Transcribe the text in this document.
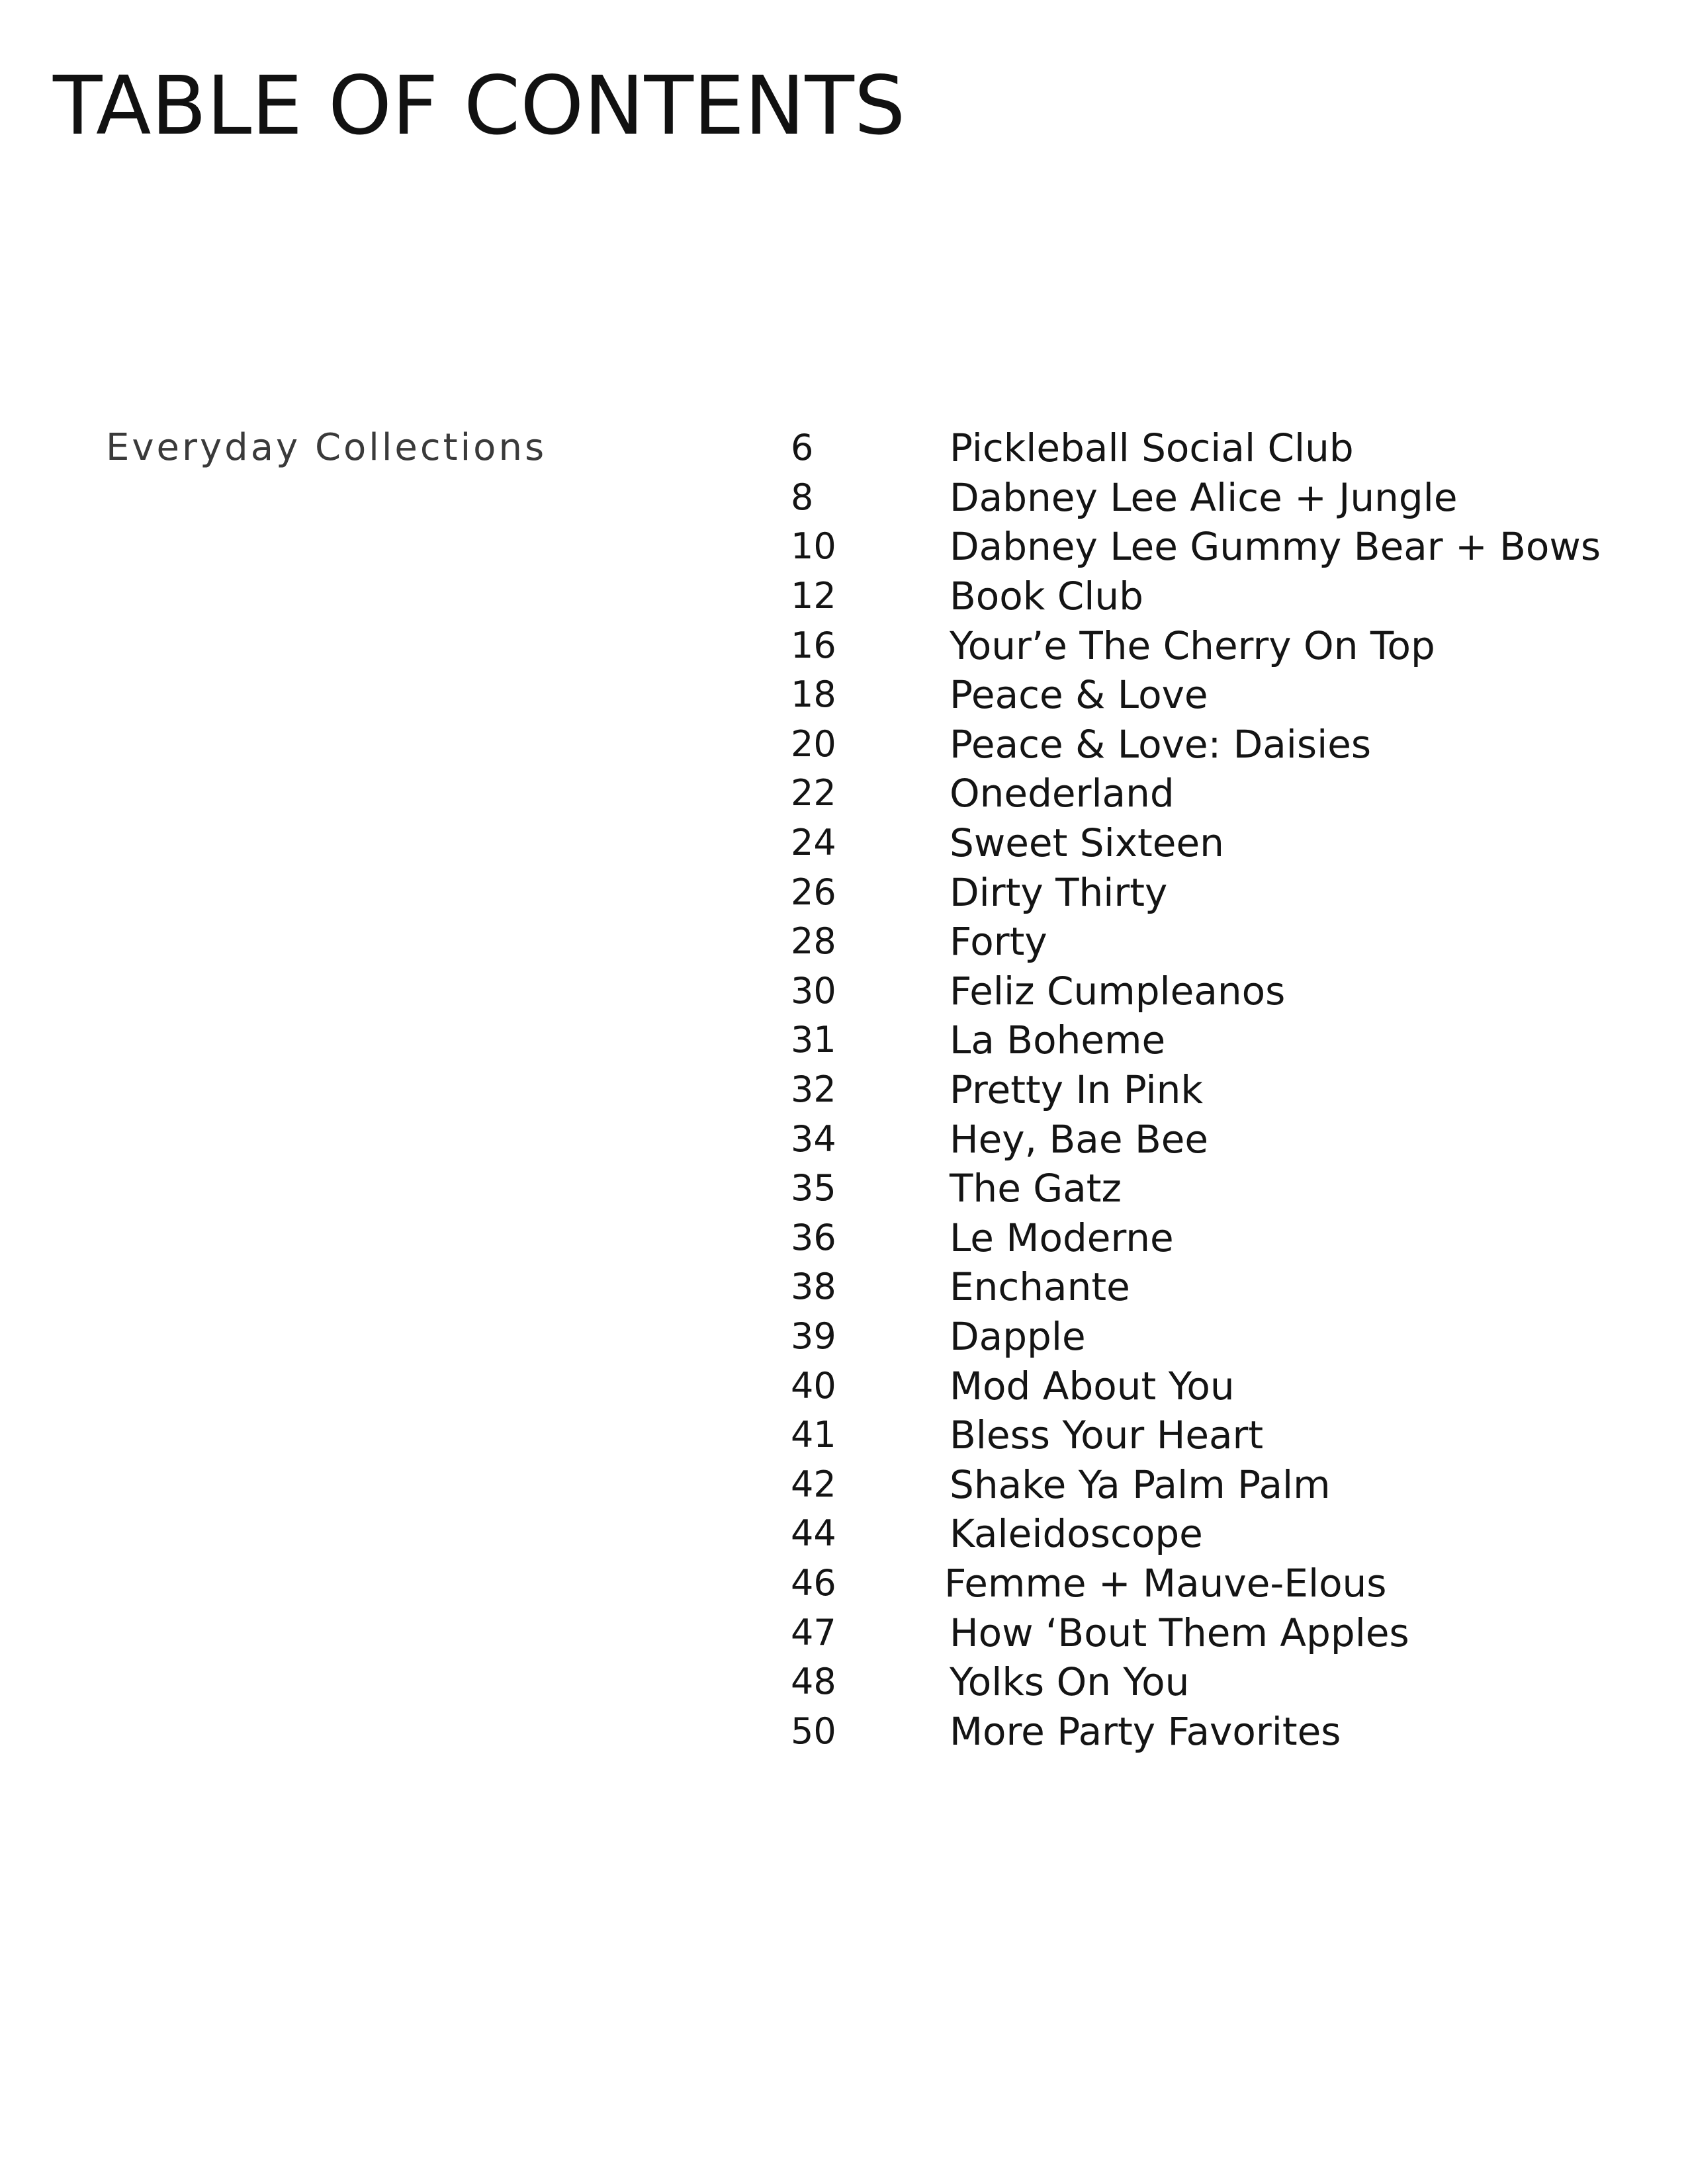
TABLE OF CONTENTS
Everyday Collections	6	Pickleball Social Club
8	Dabney Lee Alice + Jungle
10	Dabney Lee Gummy Bear + Bows
12	Book Club
16	Your’e The Cherry On Top
18	Peace & Love
20	Peace & Love: Daisies
22	Onederland
24	Sweet Sixteen
26	Dirty Thirty
28	Forty
30	Feliz Cumpleanos
31	La Boheme
32	Pretty In Pink
34	Hey, Bae Bee
35	The Gatz
36	Le Moderne
38	Enchante
39	Dapple
40	Mod About You
41	Bless Your Heart
42	Shake Ya Palm Palm
44	Kaleidoscope
46	Femme + Mauve-Elous
47	How ‘Bout Them Apples
48	Yolks On You
50	More Party Favorites
